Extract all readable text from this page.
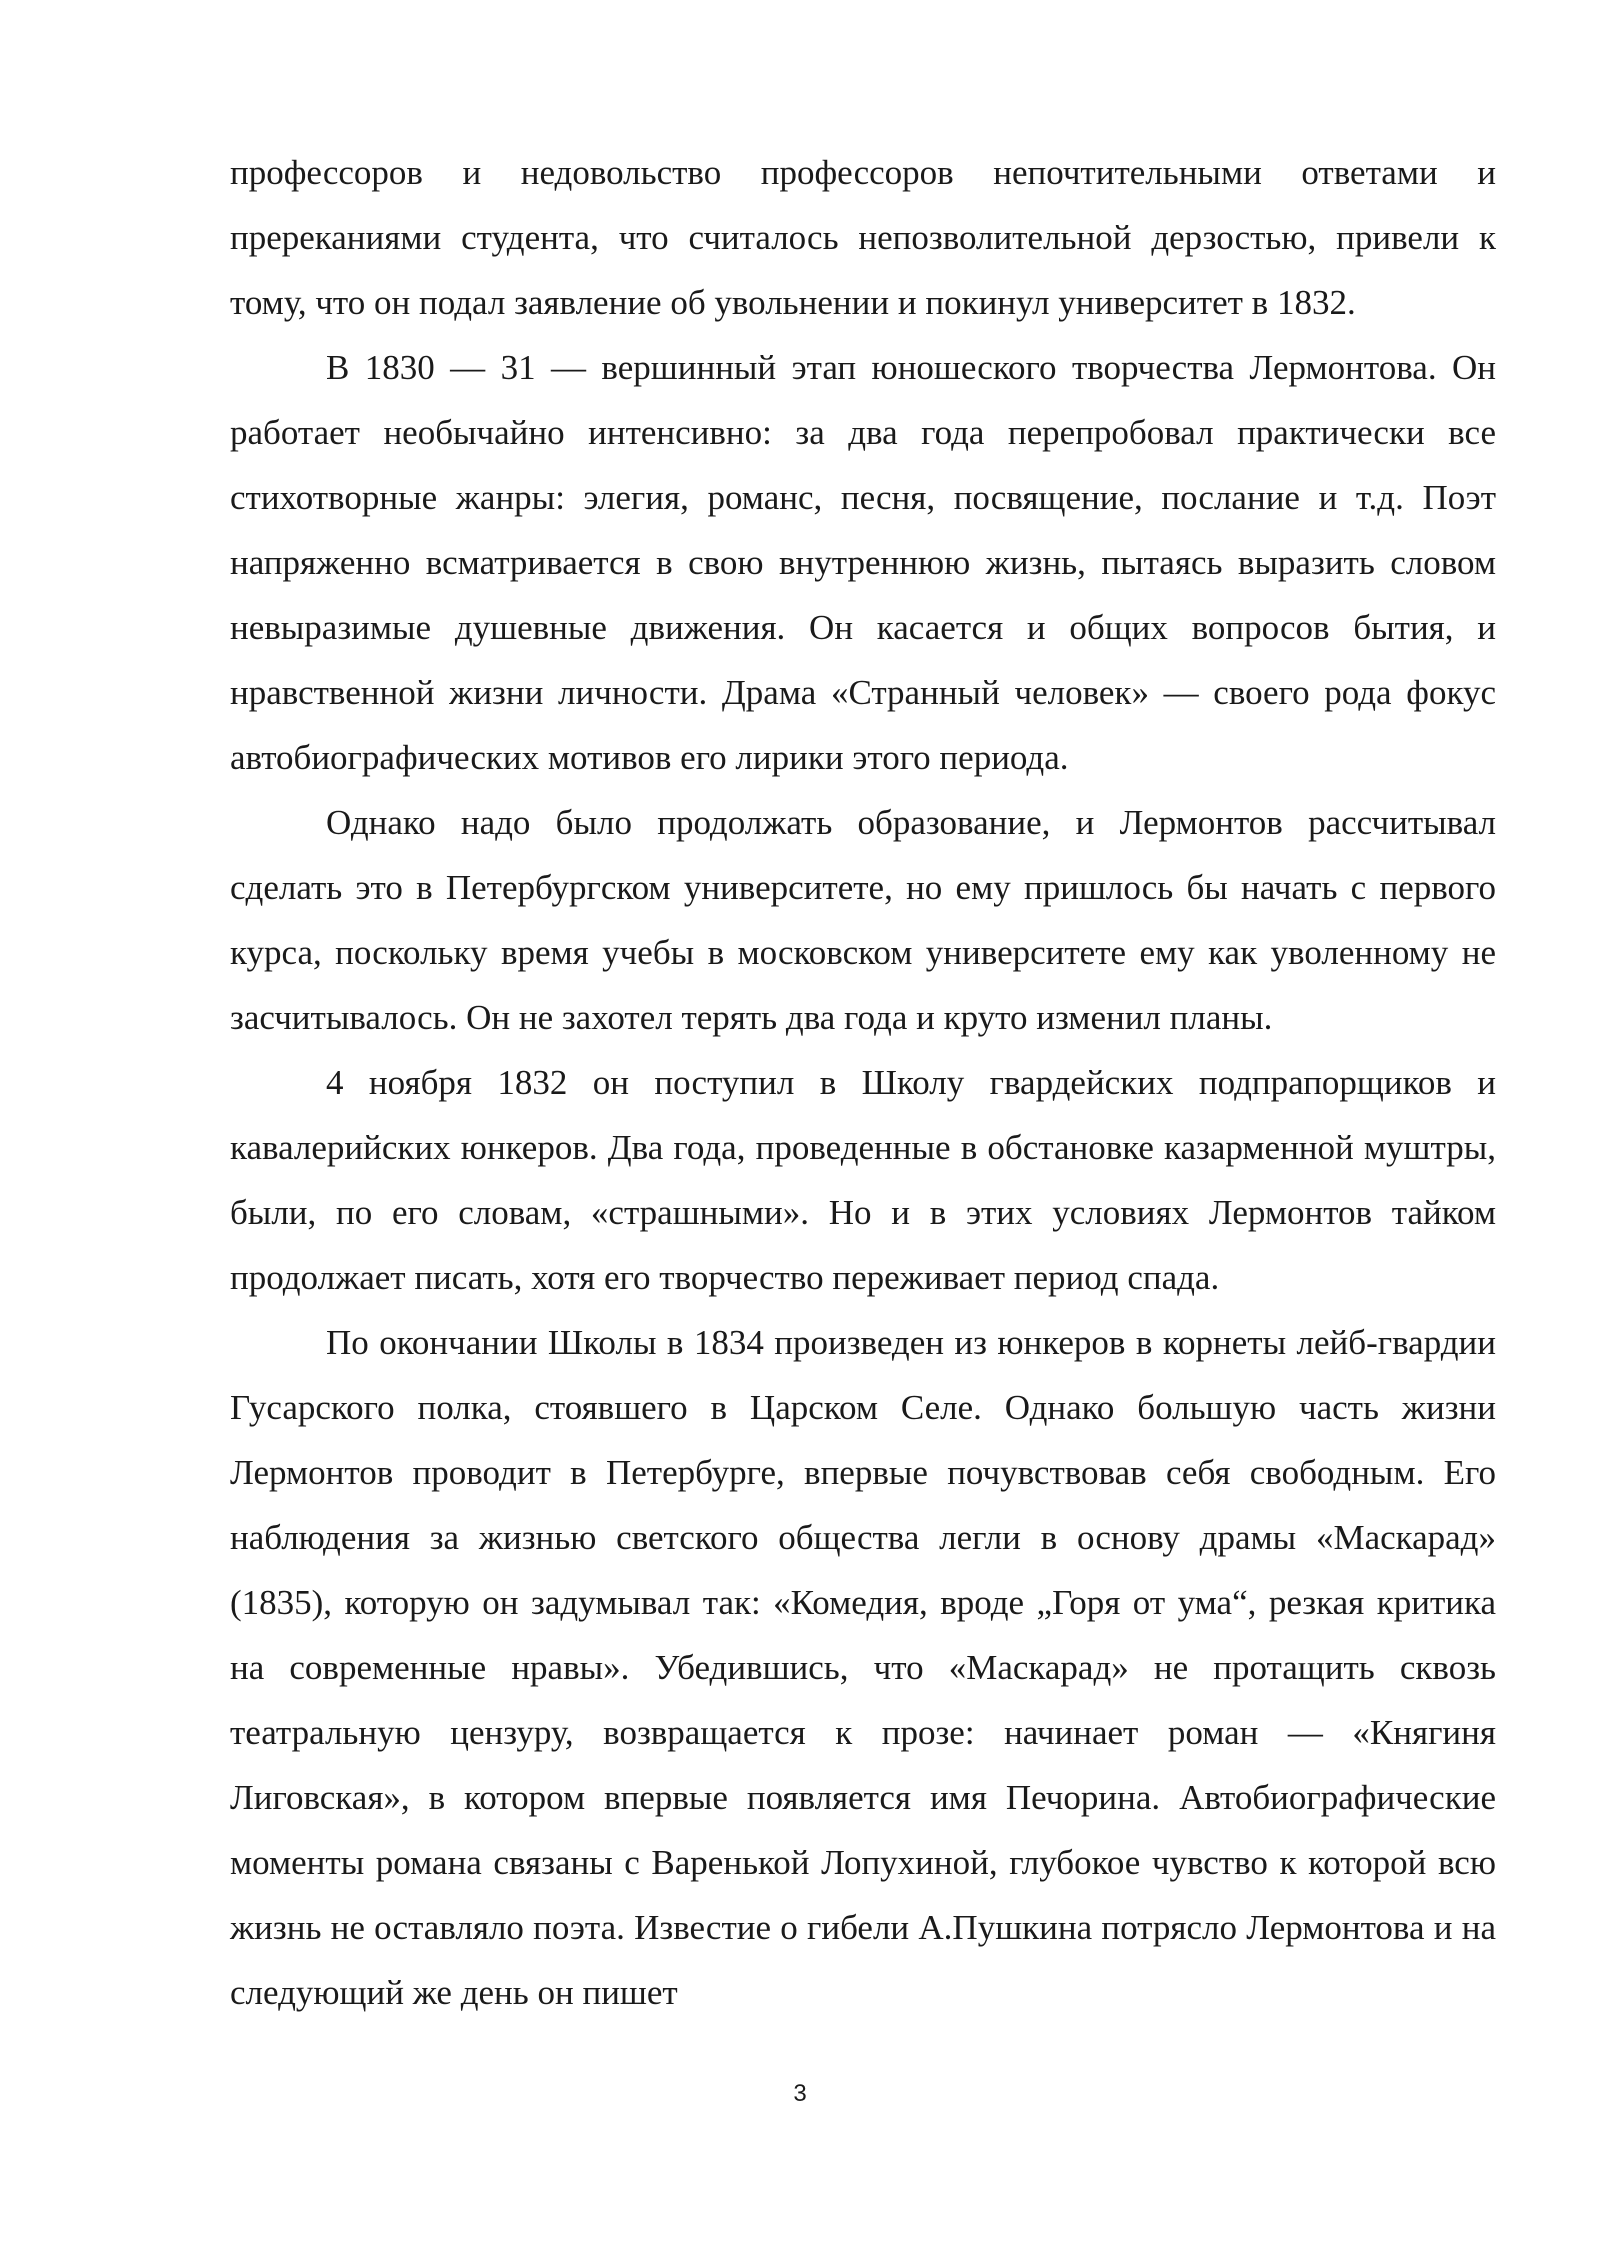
профессоров и недовольство профессоров непочтительными ответами и пререканиями студента, что считалось непозволительной дерзостью, привели к тому, что он подал заявление об увольнении и покинул университет в 1832.

В 1830 — 31 — вершинный этап юношеского творчества Лермонтова. Он работает необычайно интенсивно: за два года перепробовал практически все стихотворные жанры: элегия, романс, песня, посвящение, послание и т.д. Поэт напряженно всматривается в свою внутреннюю жизнь, пытаясь выразить словом невыразимые душевные движения. Он касается и общих вопросов бытия, и нравственной жизни личности. Драма «Странный человек» — своего рода фокус автобиографических мотивов его лирики этого периода.

Однако надо было продолжать образование, и Лермонтов рассчитывал сделать это в Петербургском университете, но ему пришлось бы начать с первого курса, поскольку время учебы в московском университете ему как уволенному не засчитывалось. Он не захотел терять два года и круто изменил планы.

4 ноября 1832 он поступил в Школу гвардейских подпрапорщиков и кавалерийских юнкеров. Два года, проведенные в обстановке казарменной муштры, были, по его словам, «страшными». Но и в этих условиях Лермонтов тайком продолжает писать, хотя его творчество переживает период спада.

По окончании Школы в 1834 произведен из юнкеров в корнеты лейб-гвардии Гусарского полка, стоявшего в Царском Селе. Однако большую часть жизни Лермонтов проводит в Петербурге, впервые почувствовав себя свободным. Его наблюдения за жизнью светского общества легли в основу драмы «Маскарад» (1835), которую он задумывал так: «Комедия, вроде „Горя от ума“, резкая критика на современные нравы». Убедившись, что «Маскарад» не протащить сквозь театральную цензуру, возвращается к прозе: начинает роман — «Княгиня Лиговская», в котором впервые появляется имя Печорина. Автобиографические моменты романа связаны с Варенькой Лопухиной, глубокое чувство к которой всю жизнь не оставляло поэта. Известие о гибели А.Пушкина потрясло Лермонтова и на следующий же день он пишет

3
